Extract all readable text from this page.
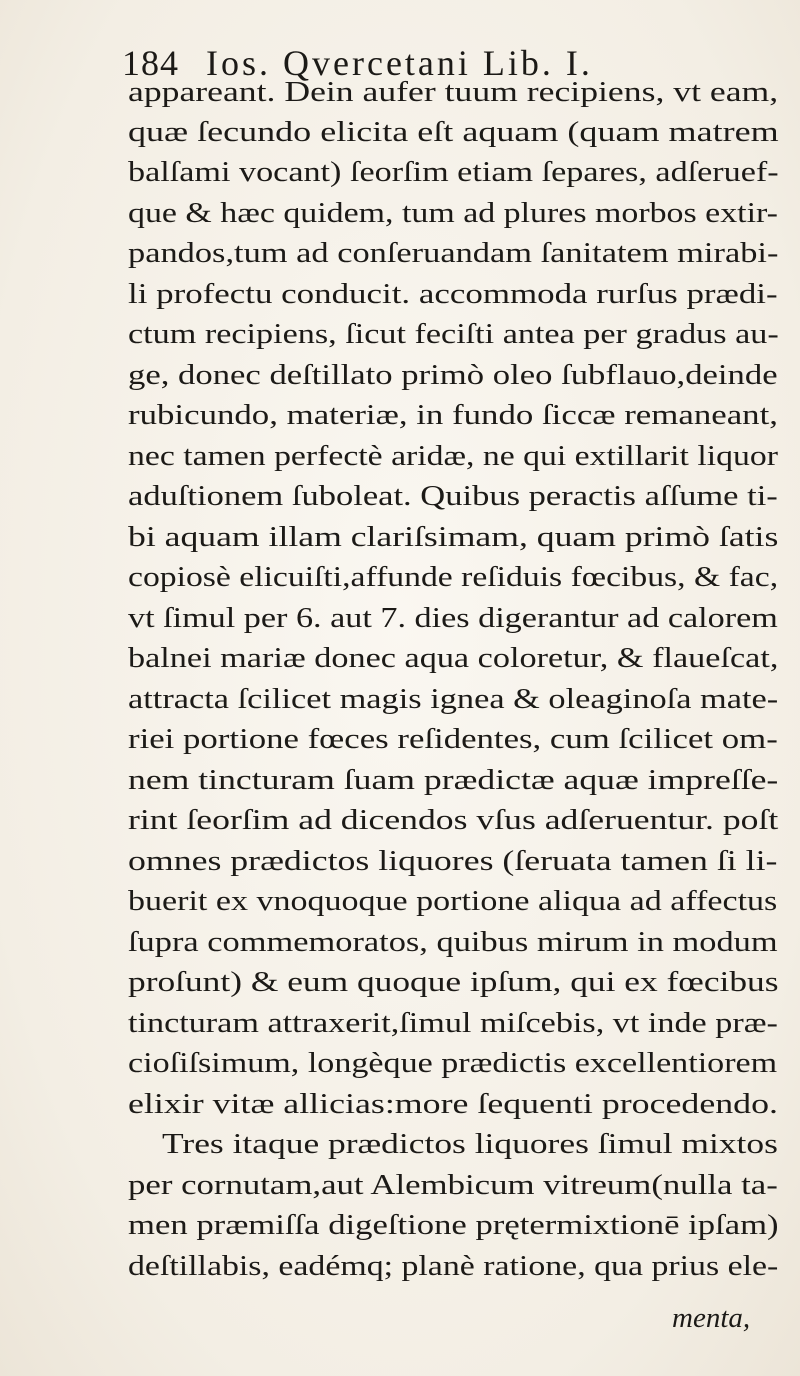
184 Ios. Qvercetani Lib. I.
appareant. Dein aufer tuum recipiens, vt eam,
quæ ſecundo elicita eſt aquam (quam matrem
balſami vocant) ſeorſim etiam ſepares, adſeruef-
que & hæc quidem, tum ad plures morbos extir-
pandos,tum ad conſeruandam ſanitatem mirabi-
li profectu conducit. accommoda rurſus prædi-
ctum recipiens, ſicut feciſti antea per gradus au-
ge, donec deſtillato primò oleo ſubflauo,deinde
rubicundo, materiæ, in fundo ſiccæ remaneant,
nec tamen perfectè aridæ, ne qui extillarit liquor
aduſtionem ſuboleat. Quibus peractis aſſume ti-
bi aquam illam clariſsimam, quam primò ſatis
copiosè elicuiſti,affunde reſiduis fœcibus, & fac,
vt ſimul per 6. aut 7. dies digerantur ad calorem
balnei mariæ donec aqua coloretur, & flaueſcat,
attracta ſcilicet magis ignea & oleaginoſa mate-
riei portione fœces reſidentes, cum ſcilicet om-
nem tincturam ſuam prædictæ aquæ impreſſe-
rint ſeorſim ad dicendos vſus adſeruentur. poſt
omnes prædictos liquores (ſeruata tamen ſi li-
buerit ex vnoquoque portione aliqua ad affectus
ſupra commemoratos, quibus mirum in modum
proſunt) & eum quoque ipſum, qui ex fœcibus
tincturam attraxerit,ſimul miſcebis, vt inde præ-
cioſiſsimum, longèque prædictis excellentiorem
elixir vitæ allicias:more ſequenti procedendo.
Tres itaque prædictos liquores ſimul mixtos
per cornutam,aut Alembicum vitreum(nulla ta-
men præmiſſa digeſtione prętermixtionē ipſam)
deſtillabis, eadémq; planè ratione, qua prius ele-
menta,
